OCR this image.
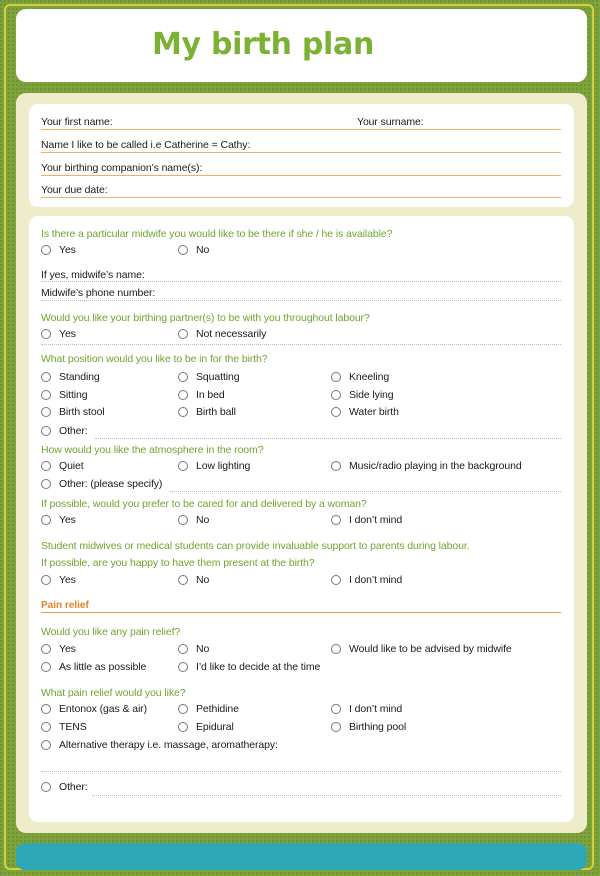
My birth plan
Your first name:	Your surname:
Name I like to be called i.e Catherine = Cathy:
Your birthing companion’s name(s):
Your due date:
Is there a particular midwife you would like to be there if she / he is available?
Yes	No
If yes, midwife’s name:
Midwife’s phone number:
Would you like your birthing partner(s) to be with you throughout labour?
Yes	Not necessarily
What position would you like to be in for the birth?
Standing	Squatting	Kneeling
Sitting	In bed	Side lying
Birth stool	Birth ball	Water birth
Other:
How would you like the atmosphere in the room?
Quiet	Low lighting	Music/radio playing in the background
Other: (please specify)
If possible, would you prefer to be cared for and delivered by a woman?
Yes	No	I don’t mind
Student midwives or medical students can provide invaluable support to parents during labour.
If possible, are you happy to have them present at the birth?
Yes	No	I don’t mind
Pain relief
Would you like any pain relief?
Yes	No	Would like to be advised by midwife
As little as possible	I’d like to decide at the time
What pain relief would you like?
Entonox (gas & air)	Pethidine	I don’t mind
TENS	Epidural	Birthing pool
Alternative therapy i.e. massage, aromatherapy:
Other:
